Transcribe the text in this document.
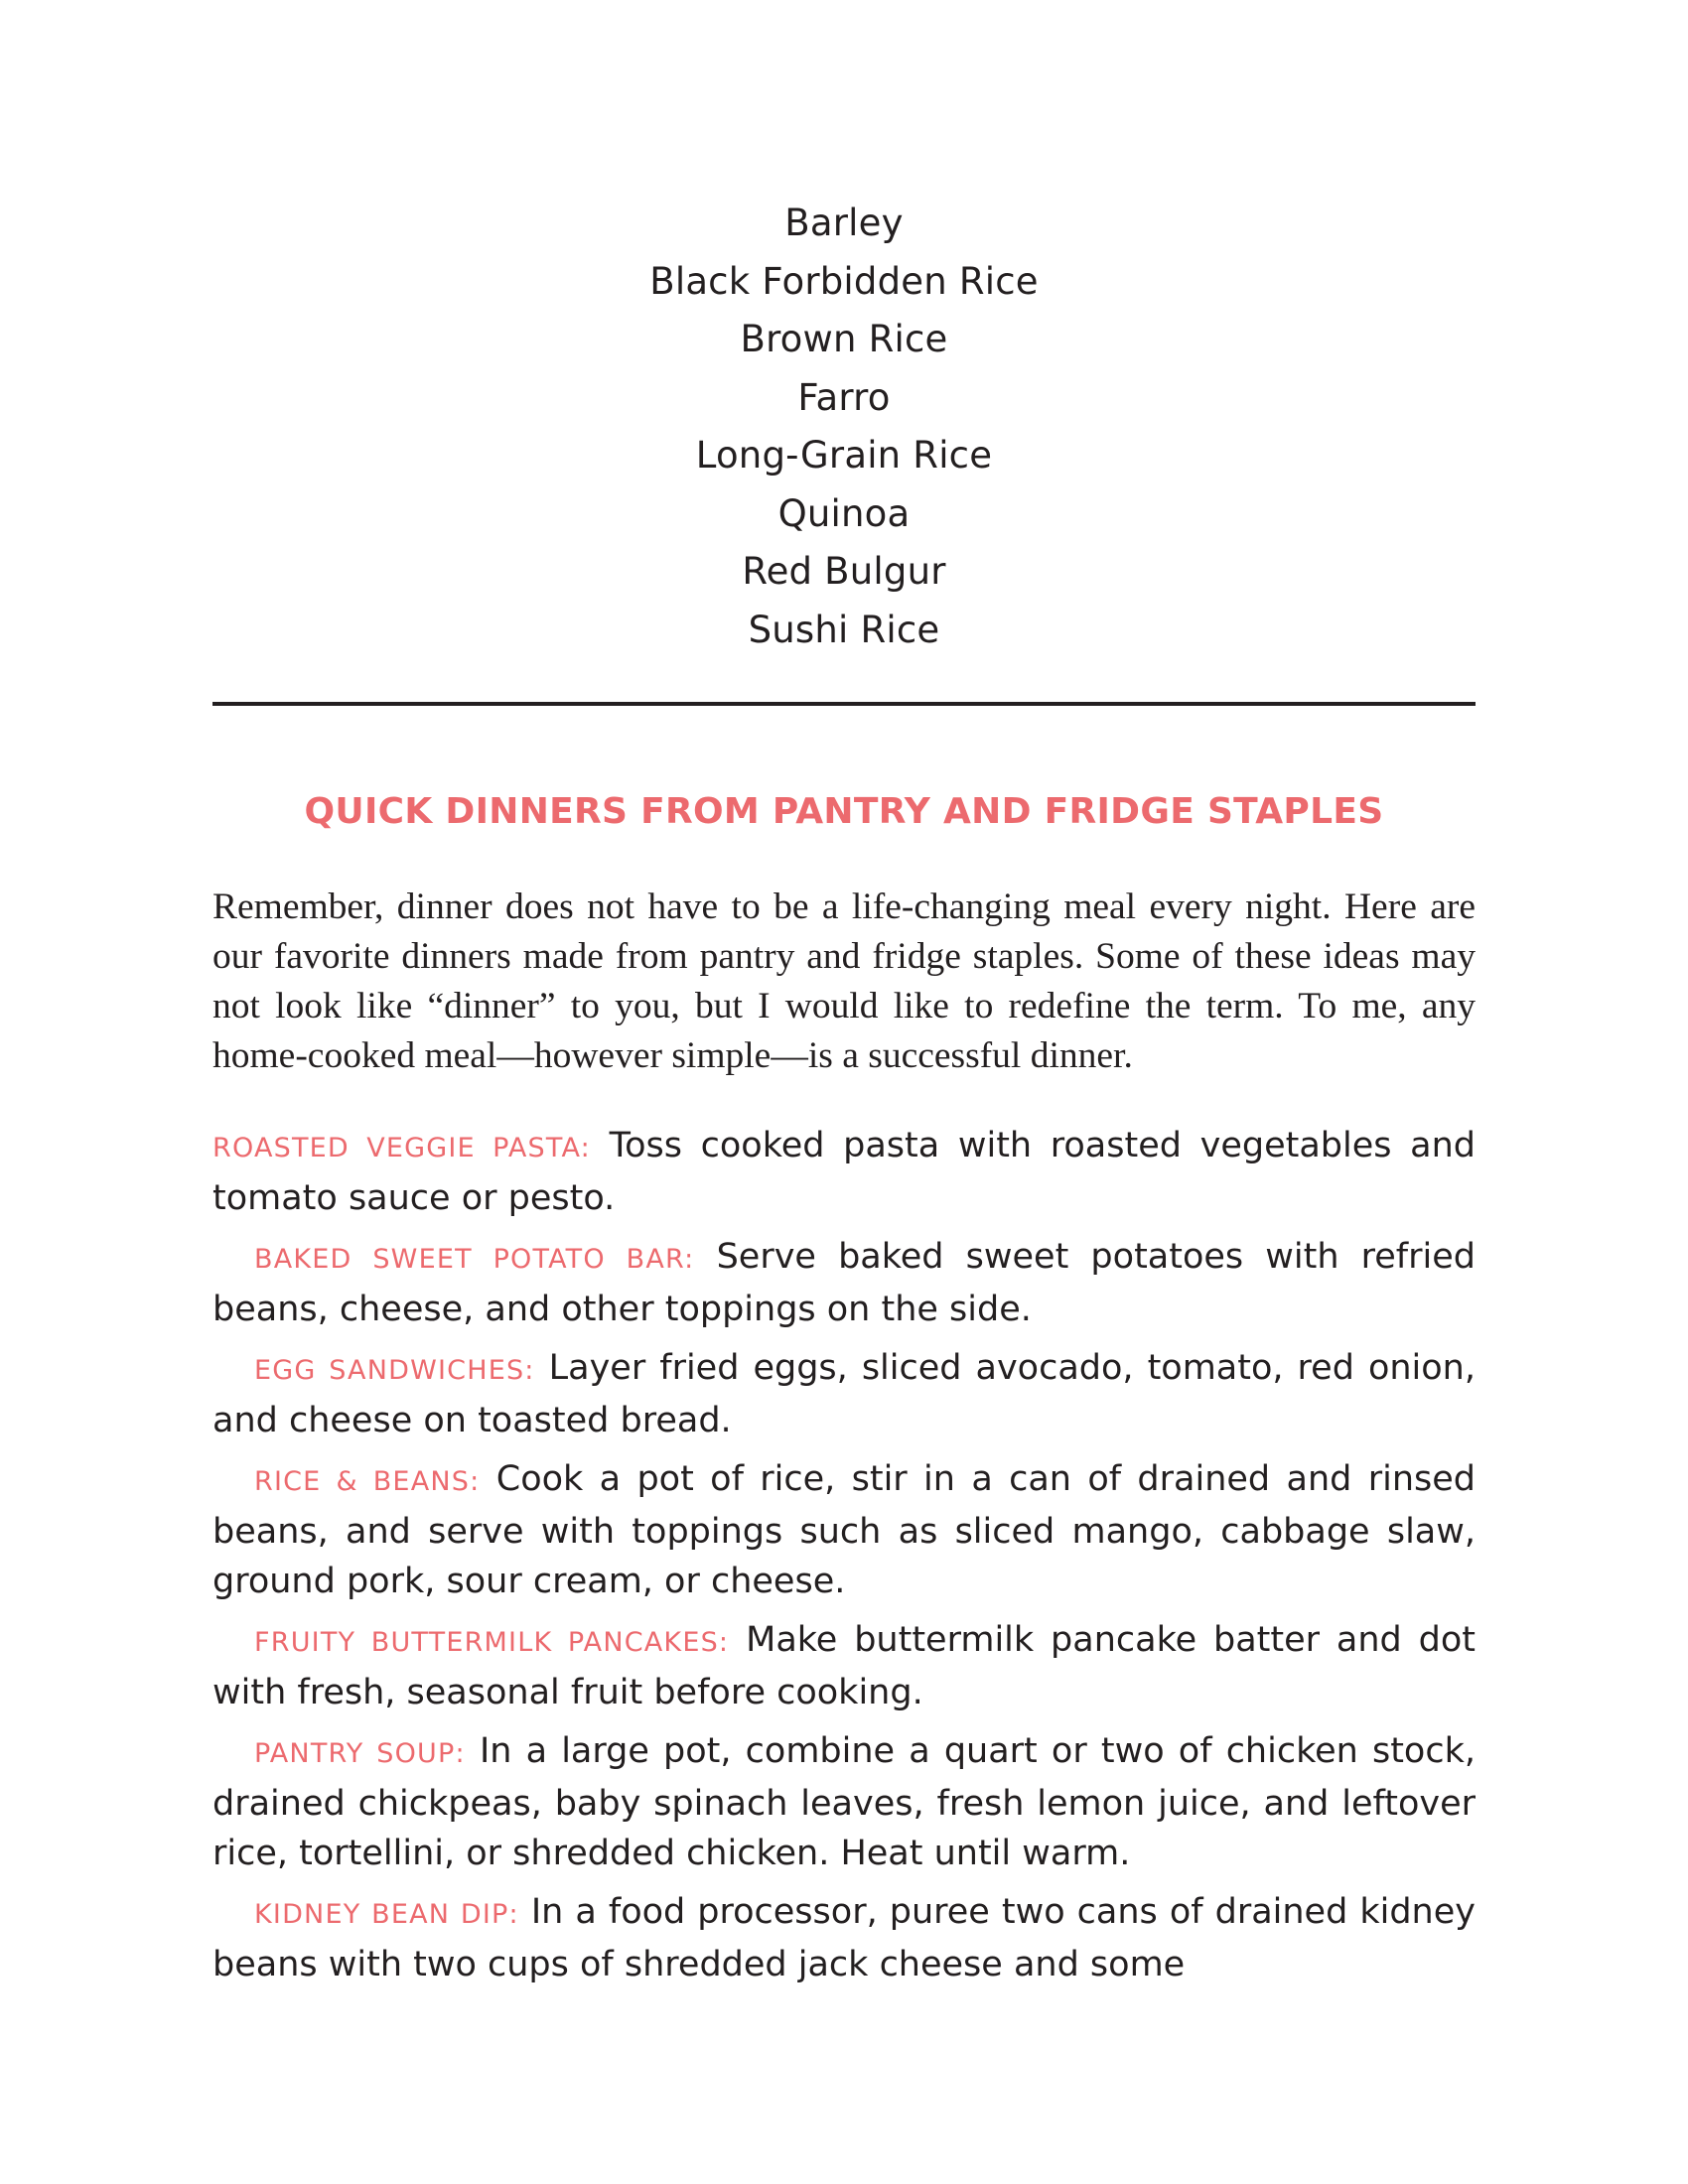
Barley
Black Forbidden Rice
Brown Rice
Farro
Long-Grain Rice
Quinoa
Red Bulgur
Sushi Rice
QUICK DINNERS FROM PANTRY AND FRIDGE STAPLES

Remember, dinner does not have to be a life-changing meal every night. Here are our favorite dinners made from pantry and fridge staples. Some of these ideas may not look like “dinner” to you, but I would like to redefine the term. To me, any home-cooked meal—however simple—is a successful dinner.

ROASTED VEGGIE PASTA: Toss cooked pasta with roasted vegetables and tomato sauce or pesto.

BAKED SWEET POTATO BAR: Serve baked sweet potatoes with refried beans, cheese, and other toppings on the side.

EGG SANDWICHES: Layer fried eggs, sliced avocado, tomato, red onion, and cheese on toasted bread.

RICE & BEANS: Cook a pot of rice, stir in a can of drained and rinsed beans, and serve with toppings such as sliced mango, cabbage slaw, ground pork, sour cream, or cheese.

FRUITY BUTTERMILK PANCAKES: Make buttermilk pancake batter and dot with fresh, seasonal fruit before cooking.

PANTRY SOUP: In a large pot, combine a quart or two of chicken stock, drained chickpeas, baby spinach leaves, fresh lemon juice, and leftover rice, tortellini, or shredded chicken. Heat until warm.

KIDNEY BEAN DIP: In a food processor, puree two cans of drained kidney beans with two cups of shredded jack cheese and some
